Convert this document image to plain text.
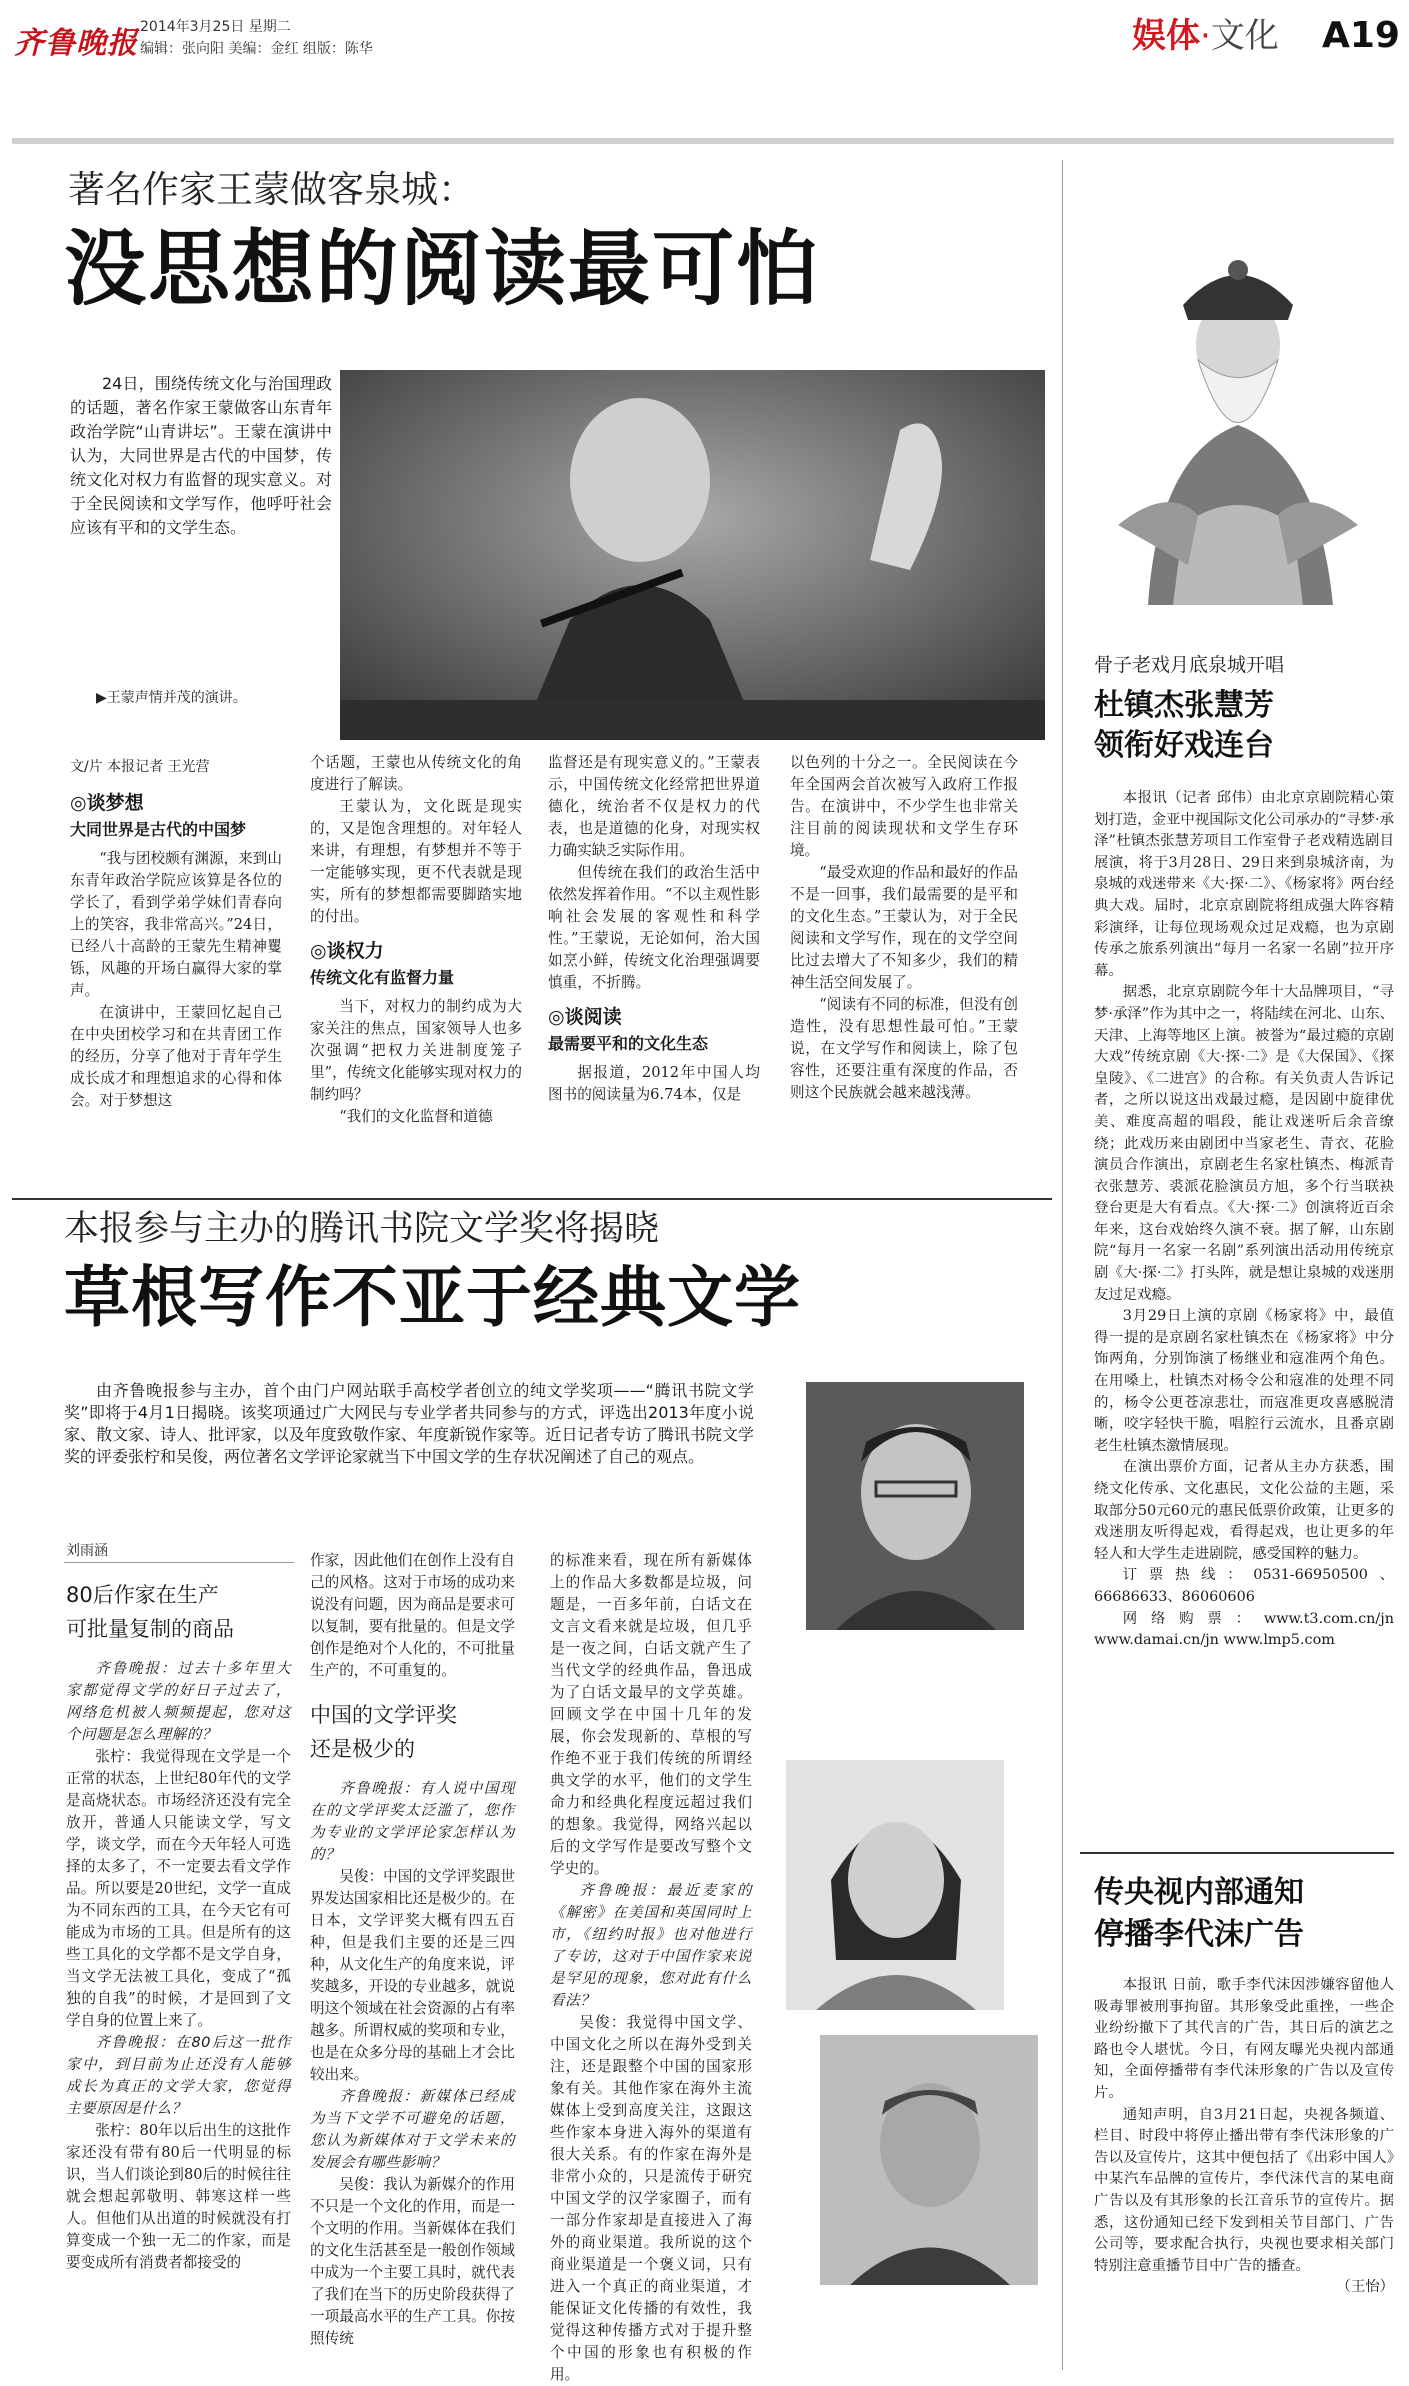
齐鲁晚报 2014年3月25日 星期二
编辑：张向阳 美编：金红 组版：陈华	娱体·文化 A19
著名作家王蒙做客泉城：
没思想的阅读最可怕

24日，围绕传统文化与治国理政的话题，著名作家王蒙做客山东青年政治学院“山青讲坛”。王蒙在演讲中认为，大同世界是古代的中国梦，传统文化对权力有监督的现实意义。对于全民阅读和文学写作，他呼吁社会应该有平和的文学生态。

▶王蒙声情并茂的演讲。
文/片 本报记者 王光营
◎谈梦想
大同世界是古代的中国梦

“我与团校颇有渊源，来到山东青年政治学院应该算是各位的学长了，看到学弟学妹们青春向上的笑容，我非常高兴。”24日，已经八十高龄的王蒙先生精神矍铄，风趣的开场白赢得大家的掌声。

在演讲中，王蒙回忆起自己在中央团校学习和在共青团工作的经历，分享了他对于青年学生成长成才和理想追求的心得和体会。对于梦想这

个话题，王蒙也从传统文化的角度进行了解读。

王蒙认为，文化既是现实的，又是饱含理想的。对年轻人来讲，有理想，有梦想并不等于一定能够实现，更不代表就是现实，所有的梦想都需要脚踏实地的付出。

◎谈权力
传统文化有监督力量

当下，对权力的制约成为大家关注的焦点，国家领导人也多次强调“把权力关进制度笼子里”，传统文化能够实现对权力的制约吗？

“我们的文化监督和道德

监督还是有现实意义的。”王蒙表示，中国传统文化经常把世界道德化，统治者不仅是权力的代表，也是道德的化身，对现实权力确实缺乏实际作用。

但传统在我们的政治生活中依然发挥着作用。“不以主观性影响社会发展的客观性和科学性。”王蒙说，无论如何，治大国如烹小鲜，传统文化治理强调要慎重，不折腾。

◎谈阅读
最需要平和的文化生态

据报道，2012年中国人均图书的阅读量为6.74本，仅是

以色列的十分之一。全民阅读在今年全国两会首次被写入政府工作报告。在演讲中，不少学生也非常关注目前的阅读现状和文学生存环境。

“最受欢迎的作品和最好的作品不是一回事，我们最需要的是平和的文化生态。”王蒙认为，对于全民阅读和文学写作，现在的文学空间比过去增大了不知多少，我们的精神生活空间发展了。

“阅读有不同的标准，但没有创造性，没有思想性最可怕。”王蒙说，在文学写作和阅读上，除了包容性，还要注重有深度的作品，否则这个民族就会越来越浅薄。

骨子老戏月底泉城开唱
杜镇杰张慧芳
领衔好戏连台

本报讯（记者 邱伟）由北京京剧院精心策划打造，金亚中视国际文化公司承办的“寻梦·承泽”杜镇杰张慧芳项目工作室骨子老戏精选剧目展演，将于3月28日、29日来到泉城济南，为泉城的戏迷带来《大·探·二》、《杨家将》两台经典大戏。届时，北京京剧院将组成强大阵容精彩演绎，让每位现场观众过足戏瘾，也为京剧传承之旅系列演出“每月一名家一名剧”拉开序幕。

据悉，北京京剧院今年十大品牌项目，“寻梦·承泽”作为其中之一，将陆续在河北、山东、天津、上海等地区上演。被誉为“最过瘾的京剧大戏”传统京剧《大·探·二》是《大保国》、《探皇陵》、《二进宫》的合称。有关负责人告诉记者，之所以说这出戏最过瘾，是因剧中旋律优美、难度高超的唱段，能让戏迷听后余音缭绕；此戏历来由剧团中当家老生、青衣、花脸演员合作演出，京剧老生名家杜镇杰、梅派青衣张慧芳、裘派花脸演员方旭，多个行当联袂登台更是大有看点。《大·探·二》创演将近百余年来，这台戏始终久演不衰。据了解，山东剧院“每月一名家一名剧”系列演出活动用传统京剧《大·探·二》打头阵，就是想让泉城的戏迷朋友过足戏瘾。

3月29日上演的京剧《杨家将》中，最值得一提的是京剧名家杜镇杰在《杨家将》中分饰两角，分别饰演了杨继业和寇准两个角色。在用嗓上，杜镇杰对杨令公和寇准的处理不同的，杨令公更苍凉悲壮，而寇准更攻喜感脱清晰，咬字轻快干脆，唱腔行云流水，且番京剧老生杜镇杰激情展现。

在演出票价方面，记者从主办方获悉，围绕文化传承、文化惠民，文化公益的主题，采取部分50元60元的惠民低票价政策，让更多的戏迷朋友听得起戏，看得起戏，也让更多的年轻人和大学生走进剧院，感受国粹的魅力。

订票热线：0531-66950500、66686633、86060606

网络购票：www.t3.com.cn/jn www.damai.cn/jn www.lmp5.com

本报参与主办的腾讯书院文学奖将揭晓
草根写作不亚于经典文学

由齐鲁晚报参与主办，首个由门户网站联手高校学者创立的纯文学奖项——“腾讯书院文学奖”即将于4月1日揭晓。该奖项通过广大网民与专业学者共同参与的方式，评选出2013年度小说家、散文家、诗人、批评家，以及年度致敬作家、年度新锐作家等。近日记者专访了腾讯书院文学奖的评委张柠和吴俊，两位著名文学评论家就当下中国文学的生存状况阐述了自己的观点。

刘雨涵
80后作家在生产
可批量复制的商品

齐鲁晚报：过去十多年里大家都觉得文学的好日子过去了，网络危机被人频频提起，您对这个问题是怎么理解的？

张柠：我觉得现在文学是一个正常的状态，上世纪80年代的文学是高烧状态。市场经济还没有完全放开，普通人只能读文学，写文学，谈文学，而在今天年轻人可选择的太多了，不一定要去看文学作品。所以要是20世纪，文学一直成为不同东西的工具，在今天它有可能成为市场的工具。但是所有的这些工具化的文学都不是文学自身，当文学无法被工具化，变成了“孤独的自我”的时候，才是回到了文学自身的位置上来了。

齐鲁晚报：在80后这一批作家中，到目前为止还没有人能够成长为真正的文学大家，您觉得主要原因是什么？

张柠：80年以后出生的这批作家还没有带有80后一代明显的标识，当人们谈论到80后的时候往往就会想起郭敬明、韩寒这样一些人。但他们从出道的时候就没有打算变成一个独一无二的作家，而是要变成所有消费者都接受的

作家，因此他们在创作上没有自己的风格。这对于市场的成功来说没有问题，因为商品是要求可以复制，要有批量的。但是文学创作是绝对个人化的，不可批量生产的，不可重复的。

中国的文学评奖
还是极少的

齐鲁晚报：有人说中国现在的文学评奖太泛滥了，您作为专业的文学评论家怎样认为的？

吴俊：中国的文学评奖跟世界发达国家相比还是极少的。在日本，文学评奖大概有四五百种，但是我们主要的还是三四种，从文化生产的角度来说，评奖越多，开设的专业越多，就说明这个领域在社会资源的占有率越多。所谓权威的奖项和专业，也是在众多分母的基础上才会比较出来。

齐鲁晚报：新媒体已经成为当下文学不可避免的话题，您认为新媒体对于文学未来的发展会有哪些影响？

吴俊：我认为新媒介的作用不只是一个文化的作用，而是一个文明的作用。当新媒体在我们的文化生活甚至是一般创作领域中成为一个主要工具时，就代表了我们在当下的历史阶段获得了一项最高水平的生产工具。你按照传统

的标准来看，现在所有新媒体上的作品大多数都是垃圾，问题是，一百多年前，白话文在文言文看来就是垃圾，但几乎是一夜之间，白话文就产生了当代文学的经典作品，鲁迅成为了白话文最早的文学英雄。回顾文学在中国十几年的发展，你会发现新的、草根的写作绝不亚于我们传统的所谓经典文学的水平，他们的文学生命力和经典化程度远超过我们的想象。我觉得，网络兴起以后的文学写作是要改写整个文学史的。

齐鲁晚报：最近麦家的《解密》在美国和英国同时上市，《纽约时报》也对他进行了专访，这对于中国作家来说是罕见的现象，您对此有什么看法？

吴俊：我觉得中国文学、中国文化之所以在海外受到关注，还是跟整个中国的国家形象有关。其他作家在海外主流媒体上受到高度关注，这跟这些作家本身进入海外的渠道有很大关系。有的作家在海外是非常小众的，只是流传于研究中国文学的汉学家圈子，而有一部分作家却是直接进入了海外的商业渠道。我所说的这个商业渠道是一个褒义词，只有进入一个真正的商业渠道，才能保证文化传播的有效性，我觉得这种传播方式对于提升整个中国的形象也有积极的作用。

传央视内部通知
停播李代沫广告

本报讯 日前，歌手李代沫因涉嫌容留他人吸毒罪被刑事拘留。其形象受此重挫，一些企业纷纷撤下了其代言的广告，其日后的演艺之路也令人堪忧。今日，有网友曝光央视内部通知，全面停播带有李代沫形象的广告以及宣传片。

通知声明，自3月21日起，央视各频道、栏目、时段中将停止播出带有李代沫形象的广告以及宣传片，这其中便包括了《出彩中国人》中某汽车品牌的宣传片，李代沫代言的某电商广告以及有其形象的长江音乐节的宣传片。据悉，这份通知已经下发到相关节目部门、广告公司等，要求配合执行，央视也要求相关部门特别注意重播节目中广告的播查。

（王怡）
